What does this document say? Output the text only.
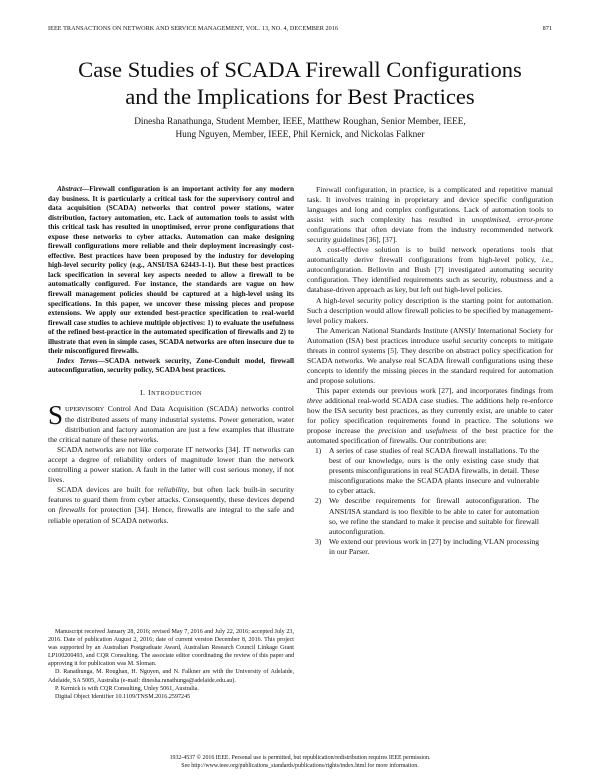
IEEE TRANSACTIONS ON NETWORK AND SERVICE MANAGEMENT, VOL. 13, NO. 4, DECEMBER 2016	871
Case Studies of SCADA Firewall Configurations
and the Implications for Best Practices
Dinesha Ranathunga, Student Member, IEEE, Matthew Roughan, Senior Member, IEEE,
Hung Nguyen, Member, IEEE, Phil Kernick, and Nickolas Falkner

Abstract—Firewall configuration is an important activity for any modern day business. It is particularly a critical task for the supervisory control and data acquisition (SCADA) networks that control power stations, water distribution, factory automation, etc. Lack of automation tools to assist with this critical task has resulted in unoptimised, error prone configurations that expose these networks to cyber attacks. Automation can make designing firewall configurations more reliable and their deployment increasingly cost-effective. Best practices have been proposed by the industry for developing high-level security policy (e.g., ANSI/ISA 62443-1-1). But these best practices lack specification in several key aspects needed to allow a firewall to be automatically configured. For instance, the standards are vague on how firewall management policies should be captured at a high-level using its specifications. In this paper, we uncover these missing pieces and propose extensions. We apply our extended best-practice specification to real-world firewall case studies to achieve multiple objectives: 1) to evaluate the usefulness of the refined best-practice in the automated specification of firewalls and 2) to illustrate that even in simple cases, SCADA networks are often insecure due to their misconfigured firewalls.

Index Terms—SCADA network security, Zone-Conduit model, firewall autoconfiguration, security policy, SCADA best practices.

I. INTRODUCTION

SUPERVISORY Control And Data Acquisition (SCADA) networks control the distributed assets of many industrial systems. Power generation, water distribution and factory automation are just a few examples that illustrate the critical nature of these networks.

SCADA networks are not like corporate IT networks [34]. IT networks can accept a degree of reliability orders of magnitude lower than the network controlling a power station. A fault in the latter will cost serious money, if not lives.

SCADA devices are built for reliability, but often lack built-in security features to guard them from cyber attacks. Consequently, these devices depend on firewalls for protection [34]. Hence, firewalls are integral to the safe and reliable operation of SCADA networks.

Manuscript received January 28, 2016; revised May 7, 2016 and July 22, 2016; accepted July 23, 2016. Date of publication August 2, 2016; date of current version December 8, 2016. This project was supported by an Australian Postgraduate Award, Australian Research Council Linkage Grant LP100200493, and CQR Consulting. The associate editor coordinating the review of this paper and approving it for publication was M. Sloman.

D. Ranathunga, M. Roughan, H. Nguyen, and N. Falkner are with the University of Adelaide, Adelaide, SA 5005, Australia (e-mail: dinesha.ranathunga@adelaide.edu.au).

P. Kernick is with CQR Consulting, Unley 5061, Australia.

Digital Object Identifier 10.1109/TNSM.2016.2597245

Firewall configuration, in practice, is a complicated and repetitive manual task. It involves training in proprietary and device specific configuration languages and long and complex configurations. Lack of automation tools to assist with such complexity has resulted in unoptimised, error-prone configurations that often deviate from the industry recommended network security guidelines [36], [37].

A cost-effective solution is to build network operations tools that automatically derive firewall configurations from high-level policy, i.e., autoconfiguration. Bellovin and Bush [7] investigated automating security configuration. They identified requirements such as security, robustness and a database-driven approach as key, but left out high-level policies.

A high-level security policy description is the starting point for automation. Such a description would allow firewall policies to be specified by management-level policy makers.

The American National Standards Institute (ANSI)/ International Society for Automation (ISA) best practices introduce useful security concepts to mitigate threats in control systems [5]. They describe on abstract policy specification for SCADA networks. We analyse real SCADA firewall configurations using these concepts to identify the missing pieces in the standard required for automation and propose solutions.

This paper extends our previous work [27], and incorporates findings from three additional real-world SCADA case studies. The additions help re-enforce how the ISA security best practices, as they currently exist, are unable to cater for policy specification requirements found in practice. The solutions we propose increase the precision and usefulness of the best practice for the automated specification of firewalls. Our contributions are:

1) A series of case studies of real SCADA firewall installations. To the best of our knowledge, ours is the only existing case study that presents misconfigurations in real SCADA firewalls, in detail. These misconfigurations make the SCADA plants insecure and vulnerable to cyber attack.
2) We describe requirements for firewall autoconfiguration. The ANSI/ISA standard is too flexible to be able to cater for automation so, we refine the standard to make it precise and suitable for firewall autoconfiguration.
3) We extend our previous work in [27] by including VLAN processing in our Parser.
1932-4537 © 2016 IEEE. Personal use is permitted, but republication/redistribution requires IEEE permission.
See http://www.ieee.org/publications_standards/publications/rights/index.html for more information.
